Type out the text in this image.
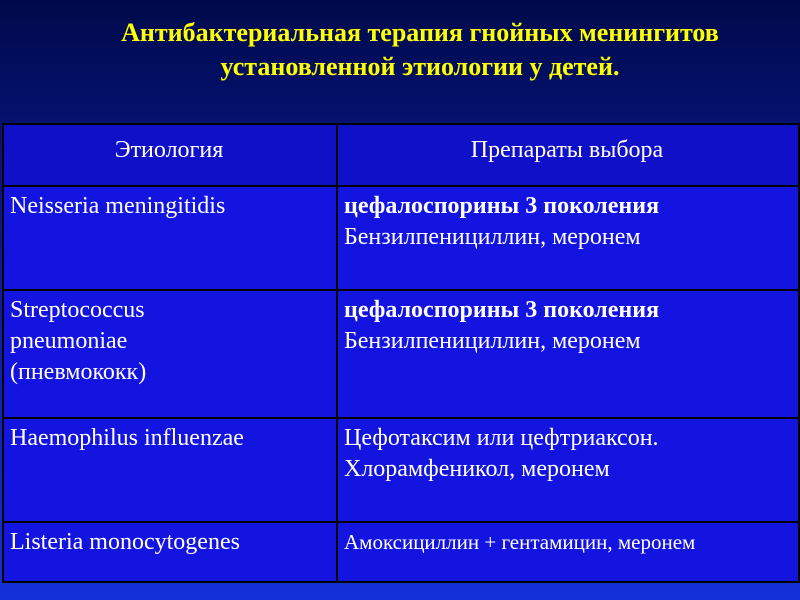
Антибактериальная терапия гнойных менингитов
установленной этиологии у детей.
Этиология	Препараты выбора

Neisseria meningitidis	цефалоспорины 3 поколения
Бензилпенициллин, меронем

Streptococcus
pneumoniae
(пневмококк)	цефалоспорины 3 поколения
Бензилпенициллин, меронем

Haemophilus influenzae	Цефотаксим или цефтриаксон.
Хлорамфеникол, меронем

Listeria monocytogenes	Амоксициллин + гентамицин, меронем
